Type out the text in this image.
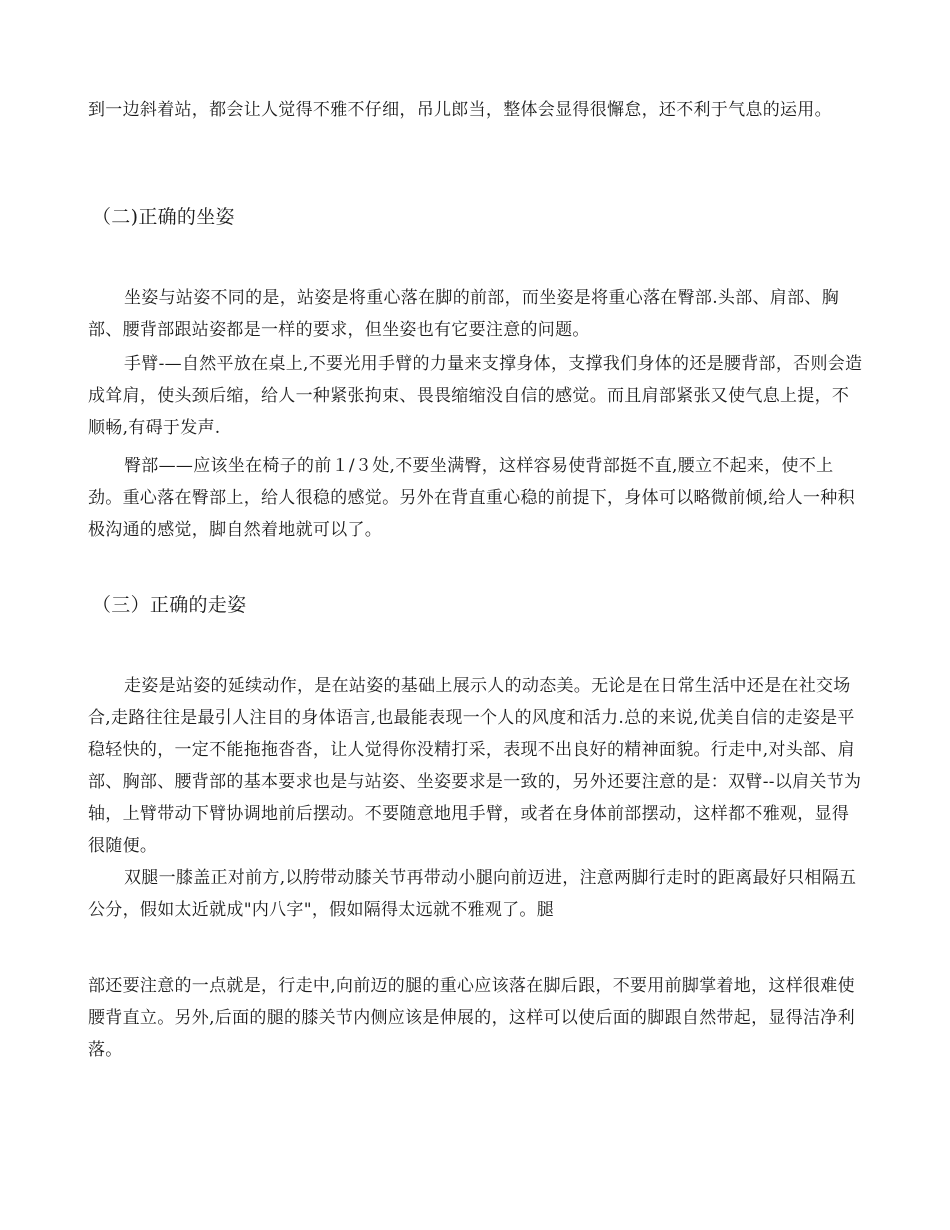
到一边斜着站，都会让人觉得不雅不仔细，吊儿郎当，整体会显得很懈怠，还不利于气息的运用。

（二)正确的坐姿

坐姿与站姿不同的是，站姿是将重心落在脚的前部，而坐姿是将重心落在臀部.头部、肩部、胸部、腰背部跟站姿都是一样的要求，但坐姿也有它要注意的问题。

手臂-—自然平放在桌上,不要光用手臂的力量来支撑身体，支撑我们身体的还是腰背部，否则会造成耸肩，使头颈后缩，给人一种紧张拘束、畏畏缩缩没自信的感觉。而且肩部紧张又使气息上提，不顺畅,有碍于发声.

臀部——应该坐在椅子的前１/３处,不要坐满臀，这样容易使背部挺不直,腰立不起来，使不上劲。重心落在臀部上，给人很稳的感觉。另外在背直重心稳的前提下，身体可以略微前倾,给人一种积极沟通的感觉，脚自然着地就可以了。

（三）正确的走姿

走姿是站姿的延续动作，是在站姿的基础上展示人的动态美。无论是在日常生活中还是在社交场合,走路往往是最引人注目的身体语言,也最能表现一个人的风度和活力.总的来说,优美自信的走姿是平稳轻快的，一定不能拖拖沓沓，让人觉得你没精打采，表现不出良好的精神面貌。行走中,对头部、肩部、胸部、腰背部的基本要求也是与站姿、坐姿要求是一致的，另外还要注意的是：双臂--以肩关节为轴，上臂带动下臂协调地前后摆动。不要随意地甩手臂，或者在身体前部摆动，这样都不雅观，显得很随便。

双腿一膝盖正对前方,以胯带动膝关节再带动小腿向前迈进，注意两脚行走时的距离最好只相隔五公分，假如太近就成"内八字"，假如隔得太远就不雅观了。腿

部还要注意的一点就是，行走中,向前迈的腿的重心应该落在脚后跟，不要用前脚掌着地，这样很难使腰背直立。另外,后面的腿的膝关节内侧应该是伸展的，这样可以使后面的脚跟自然带起，显得洁净利落。
